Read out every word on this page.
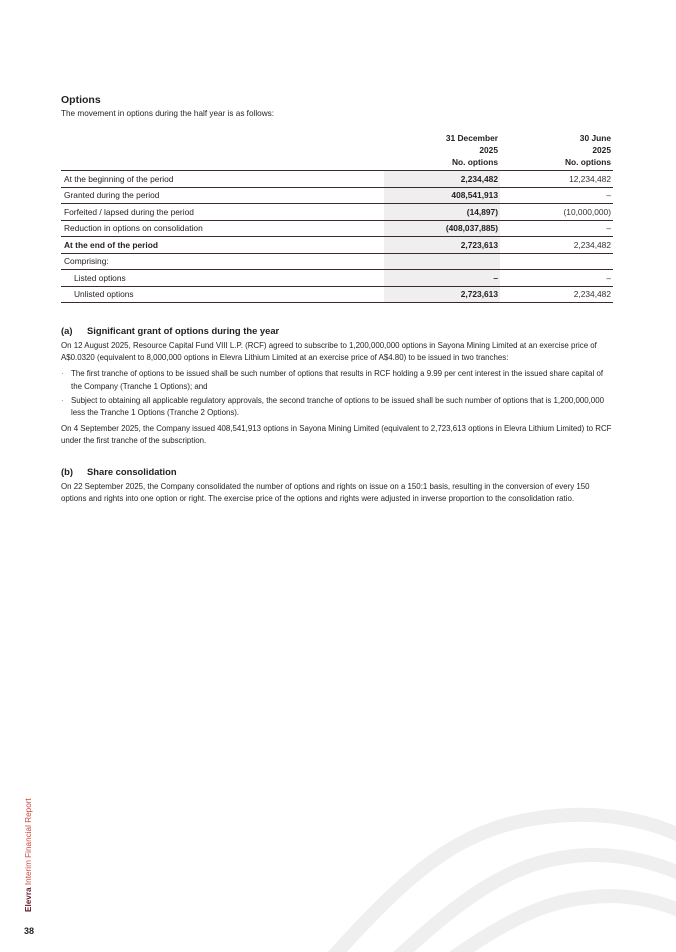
Options

The movement in options during the half year is as follows:

31 December
2025
No. options

30 June
2025
No. options

At the beginning of the period	2,234,482	12,234,482
Granted during the period	408,541,913	–
Forfeited / lapsed during the period	(14,897)	(10,000,000)
Reduction in options on consolidation	(408,037,885)	–
At the end of the period	2,723,613	2,234,482
Comprising:		
Listed options	–	–
Unlisted options	2,723,613	2,234,482
(a) Significant grant of options during the year

On 12 August 2025, Resource Capital Fund VIII L.P. (RCF) agreed to subscribe to 1,200,000,000 options in Sayona Mining Limited at an exercise price of A$0.0320 (equivalent to 8,000,000 options in Elevra Lithium Limited at an exercise price of A$4.80) to be issued in two tranches:

· The first tranche of options to be issued shall be such number of options that results in RCF holding a 9.99 per cent interest in the issued share capital of the Company (Tranche 1 Options); and
· Subject to obtaining all applicable regulatory approvals, the second tranche of options to be issued shall be such number of options that is 1,200,000,000 less the Tranche 1 Options (Tranche 2 Options).

On 4 September 2025, the Company issued 408,541,913 options in Sayona Mining Limited (equivalent to 2,723,613 options in Elevra Lithium Limited) to RCF under the first tranche of the subscription.

(b) Share consolidation

On 22 September 2025, the Company consolidated the number of options and rights on issue on a 150:1 basis, resulting in the conversion of every 150 options and rights into one option or right. The exercise price of the options and rights were adjusted in inverse proportion to the consolidation ratio.

Elevra Interim Financial Report
38
